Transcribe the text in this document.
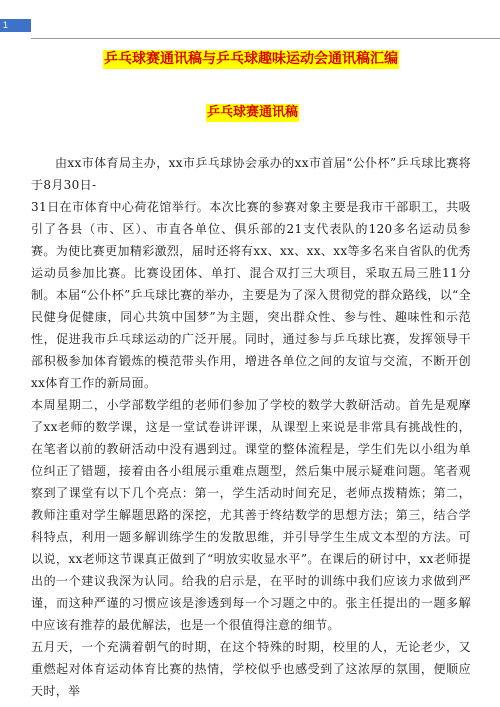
1
乒乓球赛通讯稿与乒乓球趣味运动会通讯稿汇编
乒乓球赛通讯稿

由xx市体育局主办，xx市乒乓球协会承办的xx市首届“公仆杯”乒乓球比赛将于8月30日-

31日在市体育中心荷花馆举行。本次比赛的参赛对象主要是我市干部职工，共吸引了各县（市、区）、市直各单位、俱乐部的21支代表队的120多名运动员参赛。为使比赛更加精彩激烈，届时还将有xx、xx、xx、xx等多名来自省队的优秀运动员参加比赛。比赛设团体、单打、混合双打三大项目，采取五局三胜11分制。本届“公仆杯”乒乓球比赛的举办，主要是为了深入贯彻党的群众路线，以“全民健身促健康，同心共筑中国梦”为主题，突出群众性、参与性、趣味性和示范性，促进我市乒乓球运动的广泛开展。同时，通过参与乒乓球比赛，发挥领导干部积极参加体育锻炼的模范带头作用，增进各单位之间的友谊与交流，不断开创xx体育工作的新局面。

本周星期二，小学部数学组的老师们参加了学校的数学大教研活动。首先是观摩了xx老师的数学课，这是一堂试卷讲评课，从课型上来说是非常具有挑战性的，在笔者以前的教研活动中没有遇到过。课堂的整体流程是，学生们先以小组为单位纠正了错题，接着由各小组展示重难点题型，然后集中展示疑难问题。笔者观察到了课堂有以下几个亮点：第一，学生活动时间充足，老师点拨精炼；第二，教师注重对学生解题思路的深挖，尤其善于终结数学的思想方法；第三，结合学科特点，利用一题多解训练学生的发散思维，并引导学生生成文本型的方法。可以说，xx老师这节课真正做到了“明放实收显水平”。在课后的研讨中，xx老师提出的一个建议我深为认同。给我的启示是，在平时的训练中我们应该力求做到严谨，而这种严谨的习惯应该是渗透到每一个习题之中的。张主任提出的一题多解中应该有推荐的最优解法，也是一个很值得注意的细节。

五月天，一个充满着朝气的时期，在这个特殊的时期，校里的人，无论老少，又重燃起对体育运动体育比赛的热情，学校似乎也感受到了这浓厚的氛围，便顺应天时，举
